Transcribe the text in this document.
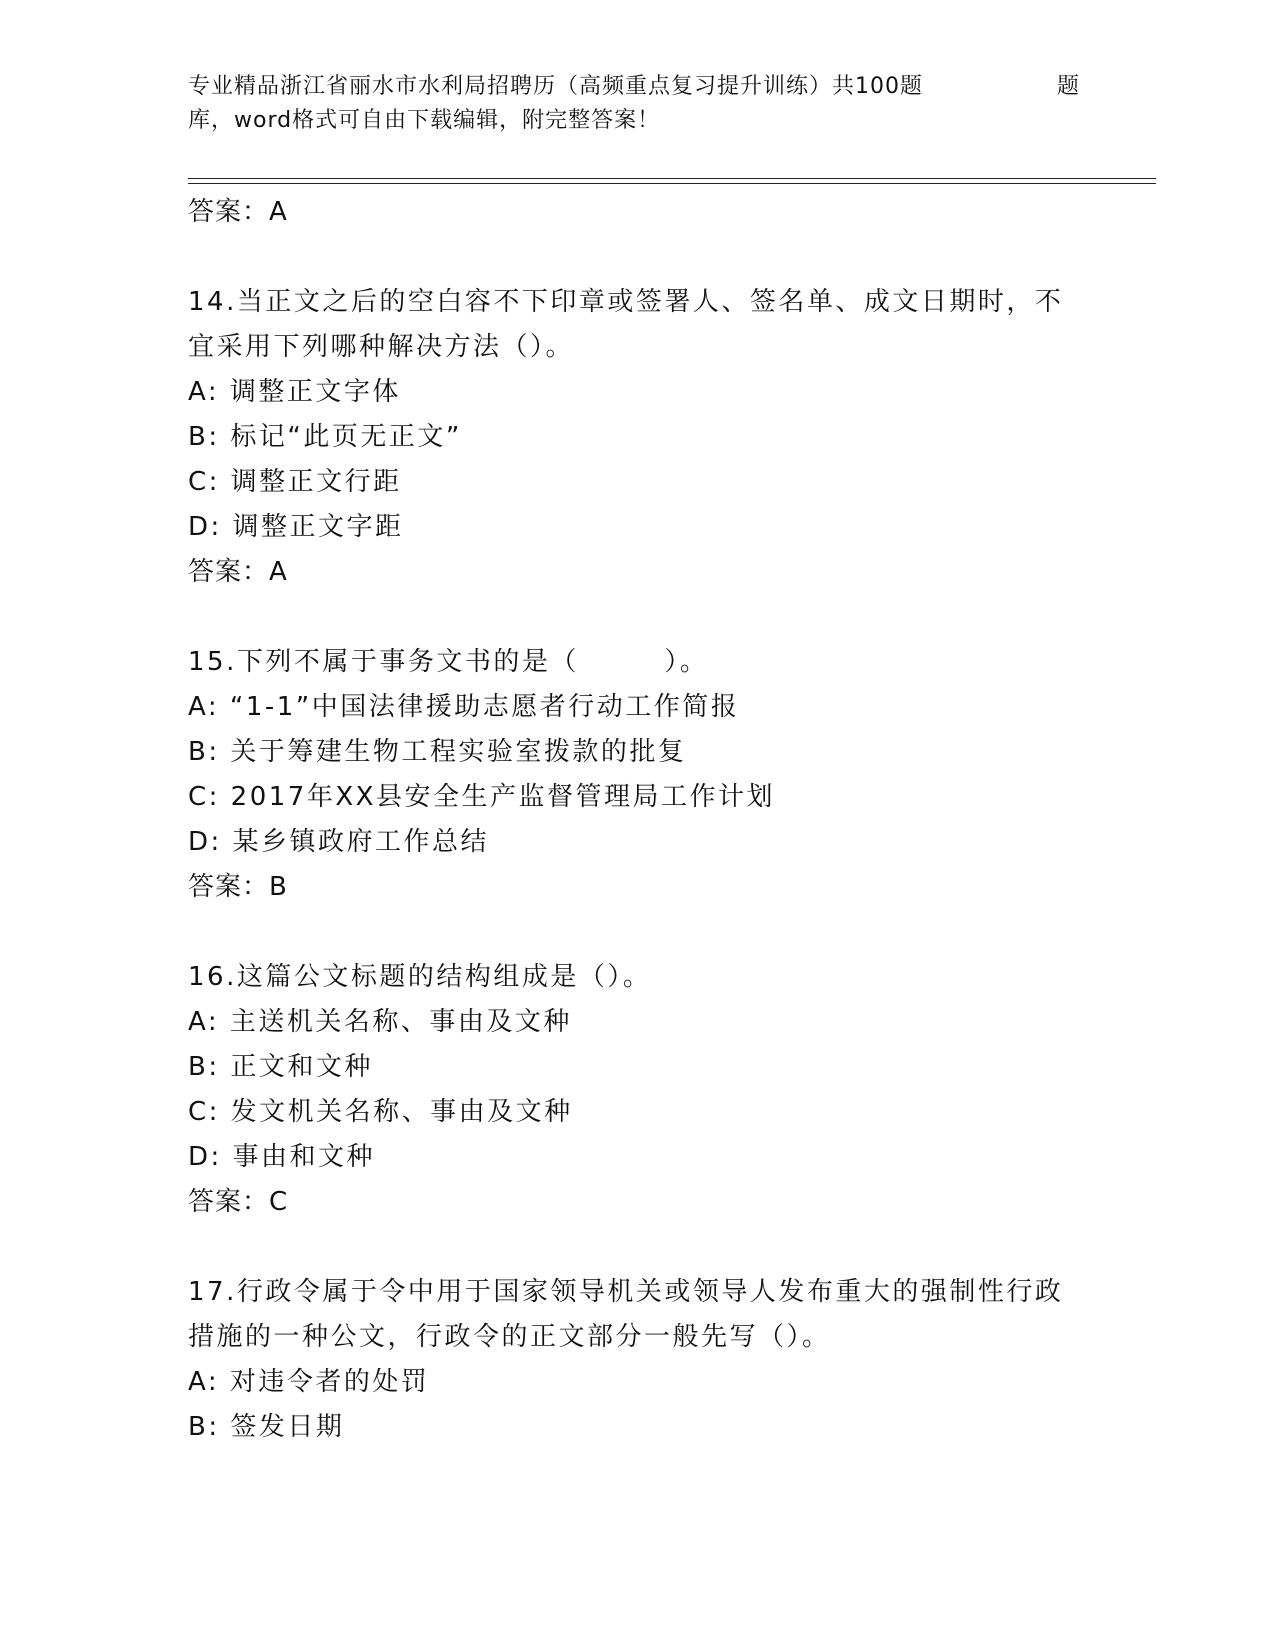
专业精品浙江省丽水市水利局招聘历（高频重点复习提升训练）共100题
库，word格式可自由下载编辑，附完整答案！
题
答案：A
14.当正文之后的空白容不下印章或签署人、签名单、成文日期时，不
宜采用下列哪种解决方法（）。
A: 调整正文字体
B: 标记“此页无正文”
C: 调整正文行距
D: 调整正文字距
答案：A
15.下列不属于事务文书的是（　　　）。
A: “1-1”中国法律援助志愿者行动工作简报
B: 关于筹建生物工程实验室拨款的批复
C: 2017年XX县安全生产监督管理局工作计划
D: 某乡镇政府工作总结
答案：B
16.这篇公文标题的结构组成是（）。
A: 主送机关名称、事由及文种
B: 正文和文种
C: 发文机关名称、事由及文种
D: 事由和文种
答案：C
17.行政令属于令中用于国家领导机关或领导人发布重大的强制性行政
措施的一种公文，行政令的正文部分一般先写（）。
A: 对违令者的处罚
B: 签发日期
